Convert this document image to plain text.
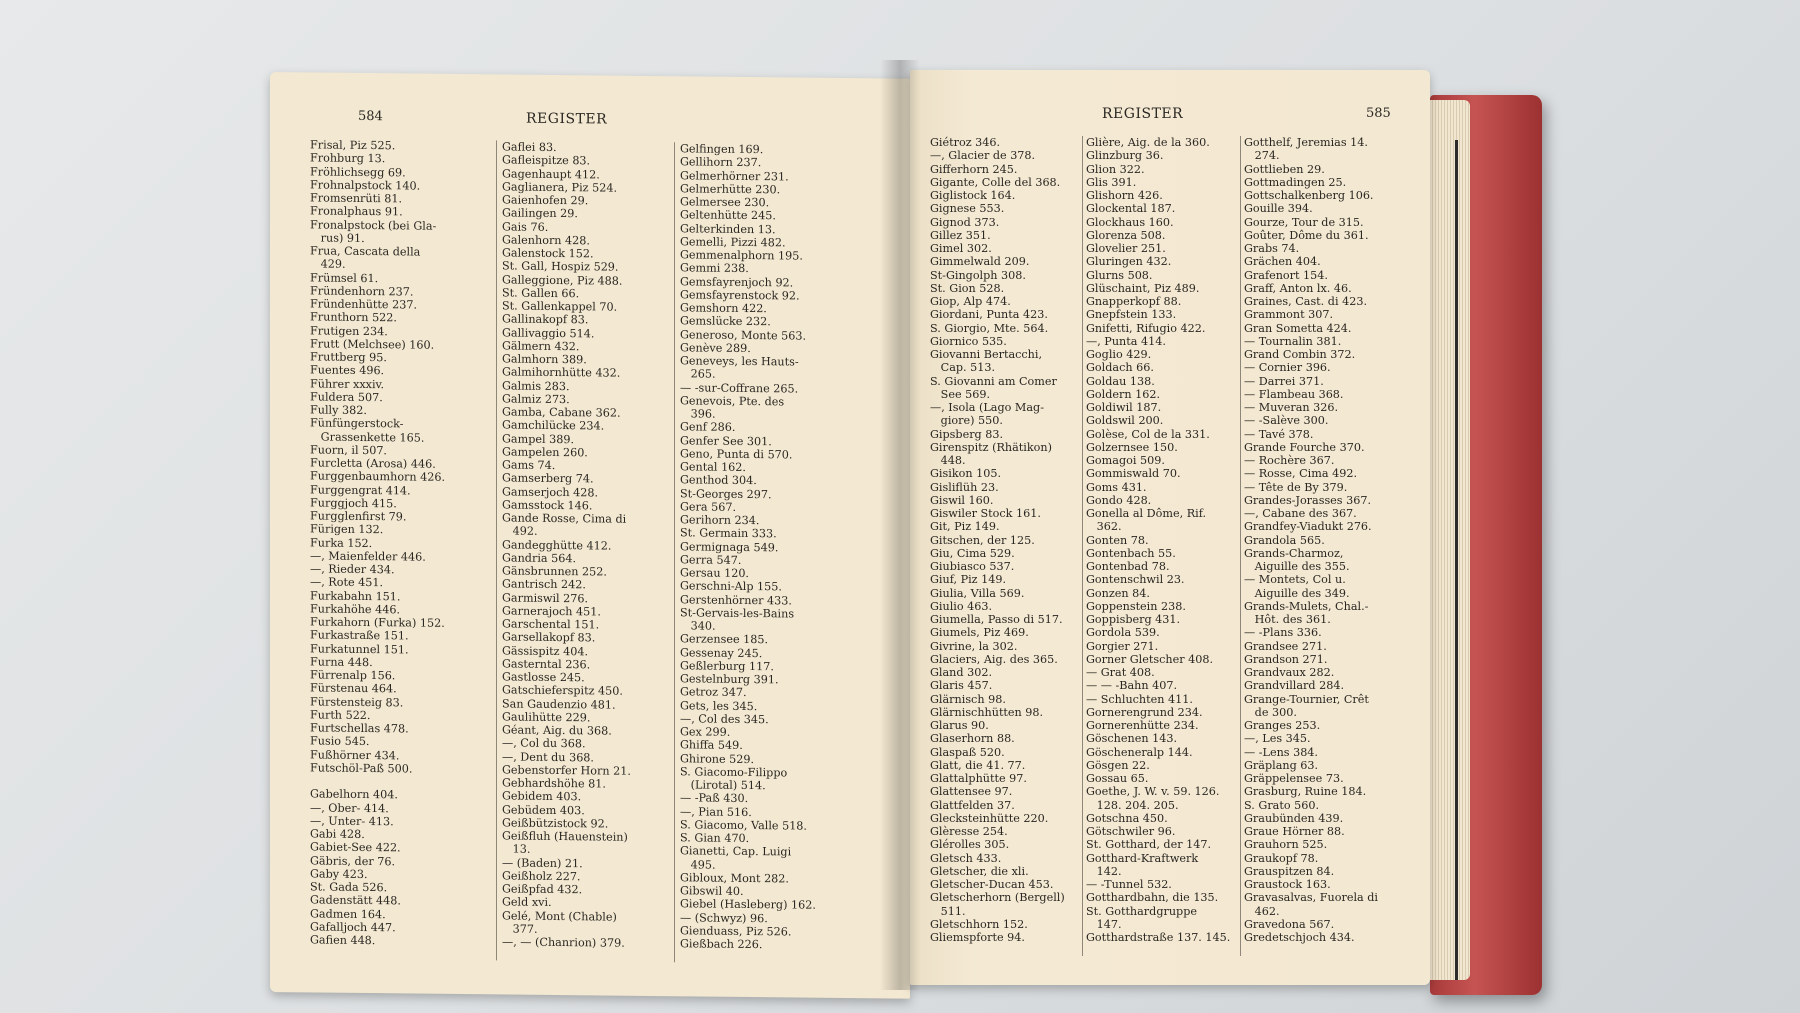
584	REGISTER
Frisal, Piz 525.
Frohburg 13.
Fröhlichsegg 69.
Frohnalpstock 140.
Fromsenrüti 81.
Fronalphaus 91.
Fronalpstock (bei Gla-
rus) 91.
Frua, Cascata della
429.
Frümsel 61.
Fründenhorn 237.
Fründenhütte 237.
Frunthorn 522.
Frutigen 234.
Frutt (Melchsee) 160.
Fruttberg 95.
Fuentes 496.
Führer xxxiv.
Fuldera 507.
Fully 382.
Fünfüngerstock-
Grassenkette 165.
Fuorn, il 507.
Furcletta (Arosa) 446.
Furggenbaumhorn 426.
Furggengrat 414.
Furggjoch 415.
Furgglenfirst 79.
Fürigen 132.
Furka 152.
—, Maienfelder 446.
—, Rieder 434.
—, Rote 451.
Furkabahn 151.
Furkahöhe 446.
Furkahorn (Furka) 152.
Furkastraße 151.
Furkatunnel 151.
Furna 448.
Fürrenalp 156.
Fürstenau 464.
Fürstensteig 83.
Furth 522.
Furtschellas 478.
Fusio 545.
Fußhörner 434.
Futschöl-Paß 500.
Gabelhorn 404.
—, Ober- 414.
—, Unter- 413.
Gabi 428.
Gabiet-See 422.
Gäbris, der 76.
Gaby 423.
St. Gada 526.
Gadenstätt 448.
Gadmen 164.
Gafalljoch 447.
Gafien 448.
Gaflei 83.
Gafleispitze 83.
Gagenhaupt 412.
Gaglianera, Piz 524.
Gaienhofen 29.
Gailingen 29.
Gais 76.
Galenhorn 428.
Galenstock 152.
St. Gall, Hospiz 529.
Galleggione, Piz 488.
St. Gallen 66.
St. Gallenkappel 70.
Gallinakopf 83.
Gallivaggio 514.
Gälmern 432.
Galmhorn 389.
Galmihornhütte 432.
Galmis 283.
Galmiz 273.
Gamba, Cabane 362.
Gamchilücke 234.
Gampel 389.
Gampelen 260.
Gams 74.
Gamserberg 74.
Gamserjoch 428.
Gamsstock 146.
Gande Rosse, Cima di
492.
Gandegghütte 412.
Gandria 564.
Gänsbrunnen 252.
Gantrisch 242.
Garmiswil 276.
Garnerajoch 451.
Garschental 151.
Garsellakopf 83.
Gässispitz 404.
Gasterntal 236.
Gastlosse 245.
Gatschieferspitz 450.
San Gaudenzio 481.
Gaulihütte 229.
Géant, Aig. du 368.
—, Col du 368.
—, Dent du 368.
Gebenstorfer Horn 21.
Gebhardshöhe 81.
Gebidem 403.
Gebüdem 403.
Geißbützistock 92.
Geißfluh (Hauenstein)
13.
— (Baden) 21.
Geißholz 227.
Geißpfad 432.
Geld xvi.
Gelé, Mont (Chable)
377.
—, — (Chanrion) 379.
Gelfingen 169.
Gellihorn 237.
Gelmerhörner 231.
Gelmerhütte 230.
Gelmersee 230.
Geltenhütte 245.
Gelterkinden 13.
Gemelli, Pizzi 482.
Gemmenalphorn 195.
Gemmi 238.
Gemsfayrenjoch 92.
Gemsfayrenstock 92.
Gemshorn 422.
Gemslücke 232.
Generoso, Monte 563.
Genève 289.
Geneveys, les Hauts-
265.
— -sur-Coffrane 265.
Genevois, Pte. des
396.
Genf 286.
Genfer See 301.
Geno, Punta di 570.
Gental 162.
Genthod 304.
St-Georges 297.
Gera 567.
Gerihorn 234.
St. Germain 333.
Germignaga 549.
Gerra 547.
Gersau 120.
Gerschni-Alp 155.
Gerstenhörner 433.
St-Gervais-les-Bains
340.
Gerzensee 185.
Gessenay 245.
Geßlerburg 117.
Gestelnburg 391.
Getroz 347.
Gets, les 345.
—, Col des 345.
Gex 299.
Ghiffa 549.
Ghirone 529.
S. Giacomo-Filippo
(Lirotal) 514.
— -Paß 430.
—, Pian 516.
S. Giacomo, Valle 518.
S. Gian 470.
Gianetti, Cap. Luigi
495.
Gibloux, Mont 282.
Gibswil 40.
Giebel (Hasleberg) 162.
— (Schwyz) 96.
Gienduass, Piz 526.
Gießbach 226.
REGISTER	585
Giétroz 346.
—, Glacier de 378.
Gifferhorn 245.
Gigante, Colle del 368.
Giglistock 164.
Gignese 553.
Gignod 373.
Gillez 351.
Gimel 302.
Gimmelwald 209.
St-Gingolph 308.
St. Gion 528.
Giop, Alp 474.
Giordani, Punta 423.
S. Giorgio, Mte. 564.
Giornico 535.
Giovanni Bertacchi,
Cap. 513.
S. Giovanni am Comer
See 569.
—, Isola (Lago Mag-
giore) 550.
Gipsberg 83.
Girenspitz (Rhätikon)
448.
Gisikon 105.
Gisliflüh 23.
Giswil 160.
Giswiler Stock 161.
Git, Piz 149.
Gitschen, der 125.
Giu, Cima 529.
Giubiasco 537.
Giuf, Piz 149.
Giulia, Villa 569.
Giulio 463.
Giumella, Passo di 517.
Giumels, Piz 469.
Givrine, la 302.
Glaciers, Aig. des 365.
Gland 302.
Glaris 457.
Glärnisch 98.
Glärnischhütten 98.
Glarus 90.
Glaserhorn 88.
Glaspaß 520.
Glatt, die 41. 77.
Glattalphütte 97.
Glattensee 97.
Glattfelden 37.
Glecksteinhütte 220.
Glèresse 254.
Glérolles 305.
Gletsch 433.
Gletscher, die xli.
Gletscher-Ducan 453.
Gletscherhorn (Bergell)
511.
Gletschhorn 152.
Gliemspforte 94.
Glière, Aig. de la 360.
Glinzburg 36.
Glion 322.
Glis 391.
Glishorn 426.
Glockental 187.
Glockhaus 160.
Glorenza 508.
Glovelier 251.
Gluringen 432.
Glurns 508.
Glüschaint, Piz 489.
Gnapperkopf 88.
Gnepfstein 133.
Gnifetti, Rifugio 422.
—, Punta 414.
Goglio 429.
Goldach 66.
Goldau 138.
Goldern 162.
Goldiwil 187.
Goldswil 200.
Golèse, Col de la 331.
Golzernsee 150.
Gomagoi 509.
Gommiswald 70.
Goms 431.
Gondo 428.
Gonella al Dôme, Rif.
362.
Gonten 78.
Gontenbach 55.
Gontenbad 78.
Gontenschwil 23.
Gonzen 84.
Goppenstein 238.
Goppisberg 431.
Gordola 539.
Gorgier 271.
Gorner Gletscher 408.
— Grat 408.
— — -Bahn 407.
— Schluchten 411.
Gornerengrund 234.
Gornerenhütte 234.
Göschenen 143.
Göscheneralp 144.
Gösgen 22.
Gossau 65.
Goethe, J. W. v. 59. 126.
128. 204. 205.
Gotschna 450.
Götschwiler 96.
St. Gotthard, der 147.
Gotthard-Kraftwerk
142.
— -Tunnel 532.
Gotthardbahn, die 135.
St. Gotthardgruppe
147.
Gotthardstraße 137. 145.
Gotthelf, Jeremias 14.
274.
Gottlieben 29.
Gottmadingen 25.
Gottschalkenberg 106.
Gouille 394.
Gourze, Tour de 315.
Goûter, Dôme du 361.
Grabs 74.
Grächen 404.
Grafenort 154.
Graff, Anton lx. 46.
Graines, Cast. di 423.
Grammont 307.
Gran Sometta 424.
— Tournalin 381.
Grand Combin 372.
— Cornier 396.
— Darrei 371.
— Flambeau 368.
— Muveran 326.
— -Salève 300.
— Tavé 378.
Grande Fourche 370.
— Rochère 367.
— Rosse, Cima 492.
— Tête de By 379.
Grandes-Jorasses 367.
—, Cabane des 367.
Grandfey-Viadukt 276.
Grandola 565.
Grands-Charmoz,
Aiguille des 355.
— Montets, Col u.
Aiguille des 349.
Grands-Mulets, Chal.-
Hôt. des 361.
— -Plans 336.
Grandsee 271.
Grandson 271.
Grandvaux 282.
Grandvillard 284.
Grange-Tournier, Crêt
de 300.
Granges 253.
—, Les 345.
— -Lens 384.
Gräplang 63.
Gräppelensee 73.
Grasburg, Ruine 184.
S. Grato 560.
Graubünden 439.
Graue Hörner 88.
Grauhorn 525.
Graukopf 78.
Grauspitzen 84.
Graustock 163.
Gravasalvas, Fuorela di
462.
Gravedona 567.
Gredetschjoch 434.
